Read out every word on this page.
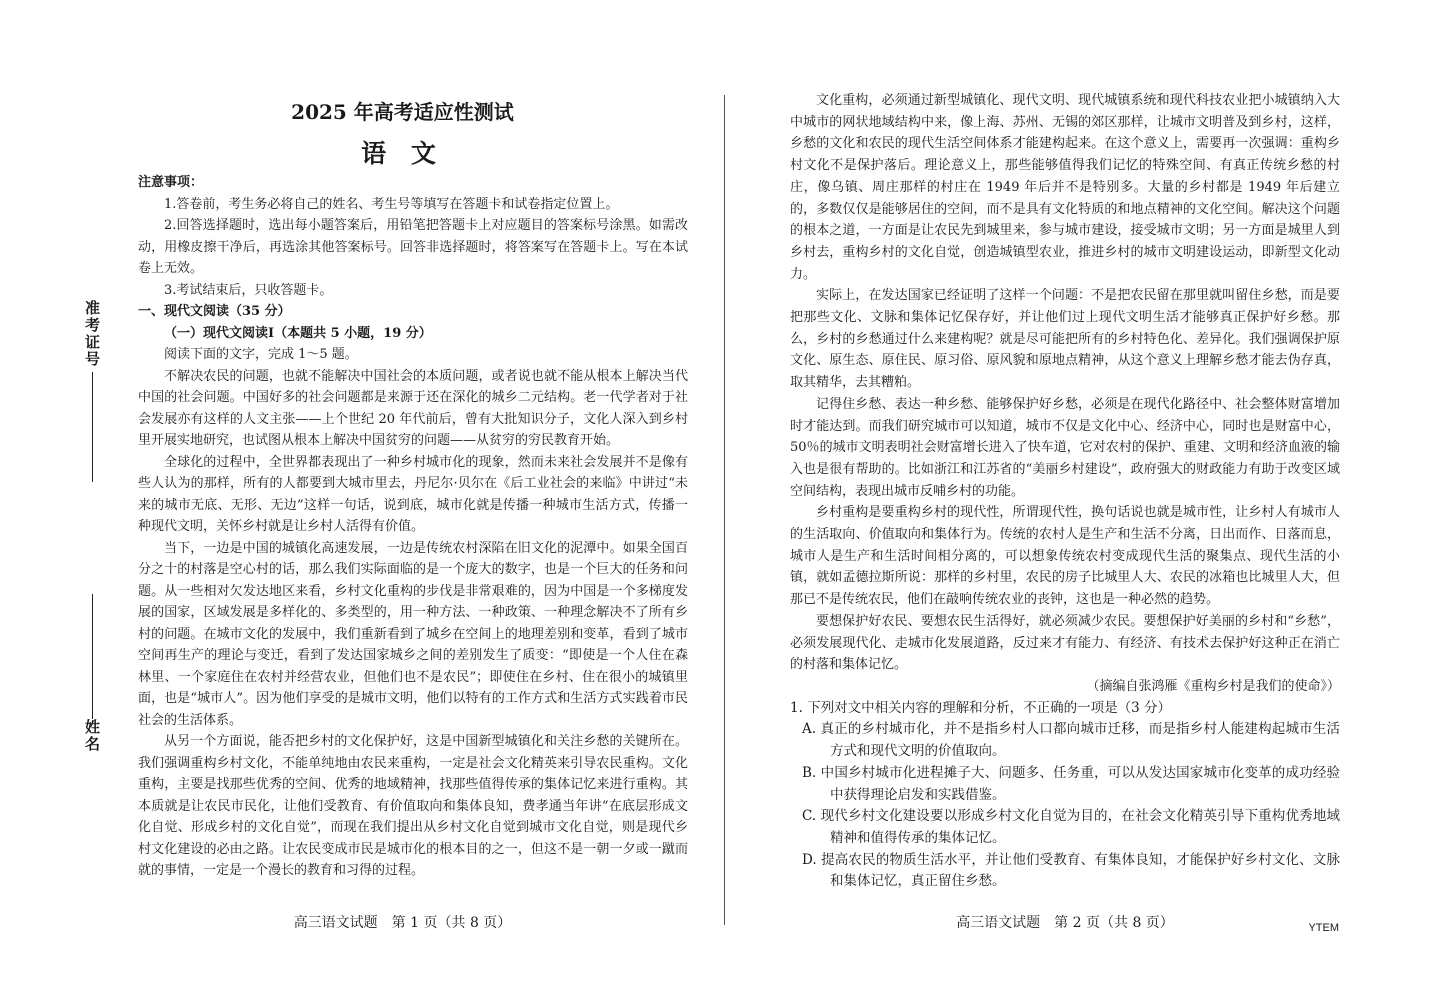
准考证号
姓名
2025 年高考适应性测试
语 文

注意事项：

1.答卷前，考生务必将自己的姓名、考生号等填写在答题卡和试卷指定位置上。

2.回答选择题时，选出每小题答案后，用铅笔把答题卡上对应题目的答案标号涂黑。如需改动，用橡皮擦干净后，再选涂其他答案标号。回答非选择题时，将答案写在答题卡上。写在本试卷上无效。

3.考试结束后，只收答题卡。

一、现代文阅读（35 分）

（一）现代文阅读Ⅰ（本题共 5 小题，19 分）

阅读下面的文字，完成 1～5 题。

不解决农民的问题，也就不能解决中国社会的本质问题，或者说也就不能从根本上解决当代中国的社会问题。中国好多的社会问题都是来源于还在深化的城乡二元结构。老一代学者对于社会发展亦有这样的人文主张——上个世纪 20 年代前后，曾有大批知识分子，文化人深入到乡村里开展实地研究，也试图从根本上解决中国贫穷的问题——从贫穷的穷民教育开始。

全球化的过程中，全世界都表现出了一种乡村城市化的现象，然而未来社会发展并不是像有些人认为的那样，所有的人都要到大城市里去，丹尼尔·贝尔在《后工业社会的来临》中讲过“未来的城市无底、无形、无边”这样一句话，说到底，城市化就是传播一种城市生活方式，传播一种现代文明，关怀乡村就是让乡村人活得有价值。

当下，一边是中国的城镇化高速发展，一边是传统农村深陷在旧文化的泥潭中。如果全国百分之十的村落是空心村的话，那么我们实际面临的是一个庞大的数字，也是一个巨大的任务和问题。从一些相对欠发达地区来看，乡村文化重构的步伐是非常艰难的，因为中国是一个多梯度发展的国家，区域发展是多样化的、多类型的，用一种方法、一种政策、一种理念解决不了所有乡村的问题。在城市文化的发展中，我们重新看到了城乡在空间上的地理差别和变革，看到了城市空间再生产的理论与变迁，看到了发达国家城乡之间的差别发生了质变：“即使是一个人住在森林里、一个家庭住在农村并经营农业，但他们也不是农民”；即使住在乡村、住在很小的城镇里面，也是“城市人”。因为他们享受的是城市文明，他们以特有的工作方式和生活方式实践着市民社会的生活体系。

从另一个方面说，能否把乡村的文化保护好，这是中国新型城镇化和关注乡愁的关键所在。我们强调重构乡村文化，不能单纯地由农民来重构，一定是社会文化精英来引导农民重构。文化重构，主要是找那些优秀的空间、优秀的地域精神，找那些值得传承的集体记忆来进行重构。其本质就是让农民市民化，让他们受教育、有价值取向和集体良知，费孝通当年讲“在底层形成文化自觉、形成乡村的文化自觉”，而现在我们提出从乡村文化自觉到城市文化自觉，则是现代乡村文化建设的必由之路。让农民变成市民是城市化的根本目的之一，但这不是一朝一夕或一蹴而就的事情，一定是一个漫长的教育和习得的过程。

高三语文试题　第 1 页（共 8 页）

文化重构，必须通过新型城镇化、现代文明、现代城镇系统和现代科技农业把小城镇纳入大中城市的网状地域结构中来，像上海、苏州、无锡的郊区那样，让城市文明普及到乡村，这样，乡愁的文化和农民的现代生活空间体系才能建构起来。在这个意义上，需要再一次强调：重构乡村文化不是保护落后。理论意义上，那些能够值得我们记忆的特殊空间、有真正传统乡愁的村庄，像乌镇、周庄那样的村庄在 1949 年后并不是特别多。大量的乡村都是 1949 年后建立的，多数仅仅是能够居住的空间，而不是具有文化特质的和地点精神的文化空间。解决这个问题的根本之道，一方面是让农民先到城里来，参与城市建设，接受城市文明；另一方面是城里人到乡村去，重构乡村的文化自觉，创造城镇型农业，推进乡村的城市文明建设运动，即新型文化动力。

实际上，在发达国家已经证明了这样一个问题：不是把农民留在那里就叫留住乡愁，而是要把那些文化、文脉和集体记忆保存好，并让他们过上现代文明生活才能够真正保护好乡愁。那么，乡村的乡愁通过什么来建构呢？就是尽可能把所有的乡村特色化、差异化。我们强调保护原文化、原生态、原住民、原习俗、原风貌和原地点精神，从这个意义上理解乡愁才能去伪存真，取其精华，去其糟粕。

记得住乡愁、表达一种乡愁、能够保护好乡愁，必须是在现代化路径中、社会整体财富增加时才能达到。而我们研究城市可以知道，城市不仅是文化中心、经济中心，同时也是财富中心，50％的城市文明表明社会财富增长进入了快车道，它对农村的保护、重建、文明和经济血液的输入也是很有帮助的。比如浙江和江苏省的“美丽乡村建设”，政府强大的财政能力有助于改变区域空间结构，表现出城市反哺乡村的功能。

乡村重构是要重构乡村的现代性，所谓现代性，换句话说也就是城市性，让乡村人有城市人的生活取向、价值取向和集体行为。传统的农村人是生产和生活不分离，日出而作、日落而息，城市人是生产和生活时间相分离的，可以想象传统农村变成现代生活的聚集点、现代生活的小镇，就如孟德拉斯所说：那样的乡村里，农民的房子比城里人大、农民的冰箱也比城里人大，但那已不是传统农民，他们在敲响传统农业的丧钟，这也是一种必然的趋势。

要想保护好农民、要想农民生活得好，就必须减少农民。要想保护好美丽的乡村和“乡愁”，必须发展现代化、走城市化发展道路，反过来才有能力、有经济、有技术去保护好这种正在消亡的村落和集体记忆。

（摘编自张鸿雁《重构乡村是我们的使命》）

1. 下列对文中相关内容的理解和分析，不正确的一项是（3 分）

A. 真正的乡村城市化，并不是指乡村人口都向城市迁移，而是指乡村人能建构起城市生活方式和现代文明的价值取向。

B. 中国乡村城市化进程摊子大、问题多、任务重，可以从发达国家城市化变革的成功经验中获得理论启发和实践借鉴。

C. 现代乡村文化建设要以形成乡村文化自觉为目的，在社会文化精英引导下重构优秀地域精神和值得传承的集体记忆。

D. 提高农民的物质生活水平，并让他们受教育、有集体良知，才能保护好乡村文化、文脉和集体记忆，真正留住乡愁。

高三语文试题　第 2 页（共 8 页）	YTEM
